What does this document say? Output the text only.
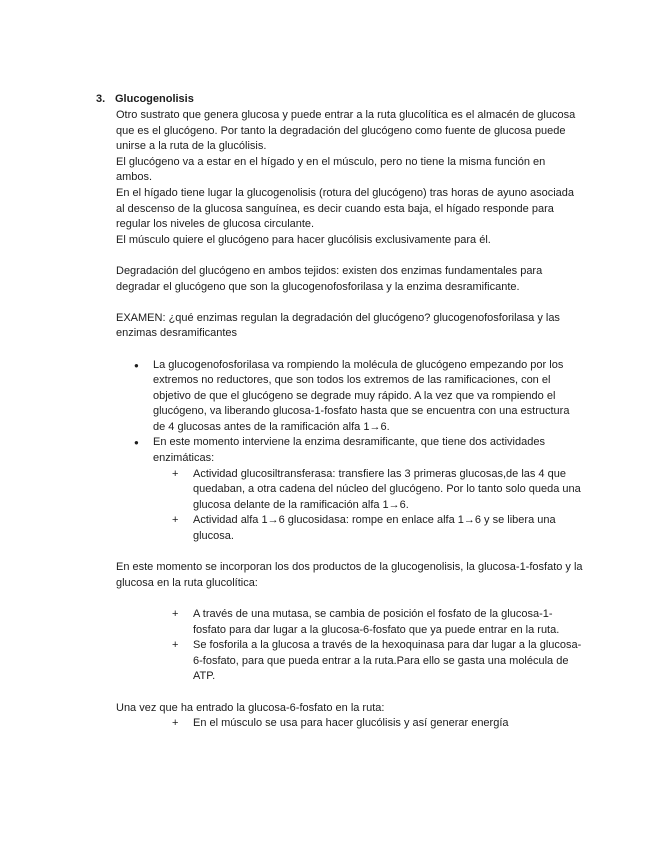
3. Glucogenolisis

Otro sustrato que genera glucosa y puede entrar a la ruta glucolítica es el almacén de glucosa que es el glucógeno. Por tanto la degradación del glucógeno como fuente de glucosa puede unirse a la ruta de la glucólisis.

El glucógeno va a estar en el hígado y en el músculo, pero no tiene la misma función en ambos.

En el hígado tiene lugar la glucogenolisis (rotura del glucógeno) tras horas de ayuno asociada al descenso de la glucosa sanguínea, es decir cuando esta baja, el hígado responde para regular los niveles de glucosa circulante.

El músculo quiere el glucógeno para hacer glucólisis exclusivamente para él.

Degradación del glucógeno en ambos tejidos: existen dos enzimas fundamentales para degradar el glucógeno que son la glucogenofosforilasa y la enzima desramificante.

EXAMEN: ¿qué enzimas regulan la degradación del glucógeno? glucogenofosforilasa y las enzimas desramificantes

● La glucogenofosforilasa va rompiendo la molécula de glucógeno empezando por los extremos no reductores, que son todos los extremos de las ramificaciones, con el objetivo de que el glucógeno se degrade muy rápido. A la vez que va rompiendo el glucógeno, va liberando glucosa-1-fosfato hasta que se encuentra con una estructura de 4 glucosas antes de la ramificación alfa 1→6.
● En este momento interviene la enzima desramificante, que tiene dos actividades enzimáticas:
+ Actividad glucosiltransferasa: transfiere las 3 primeras glucosas,de las 4 que quedaban, a otra cadena del núcleo del glucógeno. Por lo tanto solo queda una glucosa delante de la ramificación alfa 1→6.
+ Actividad alfa 1→6 glucosidasa: rompe en enlace alfa 1→6 y se libera una glucosa.

En este momento se incorporan los dos productos de la glucogenolisis, la glucosa-1-fosfato y la glucosa en la ruta glucolítica:

+ A través de una mutasa, se cambia de posición el fosfato de la glucosa-1-fosfato para dar lugar a la glucosa-6-fosfato que ya puede entrar en la ruta.
+ Se fosforila a la glucosa a través de la hexoquinasa para dar lugar a la glucosa-6-fosfato, para que pueda entrar a la ruta.Para ello se gasta una molécula de ATP.

Una vez que ha entrado la glucosa-6-fosfato en la ruta:

+ En el músculo se usa para hacer glucólisis y así generar energía
